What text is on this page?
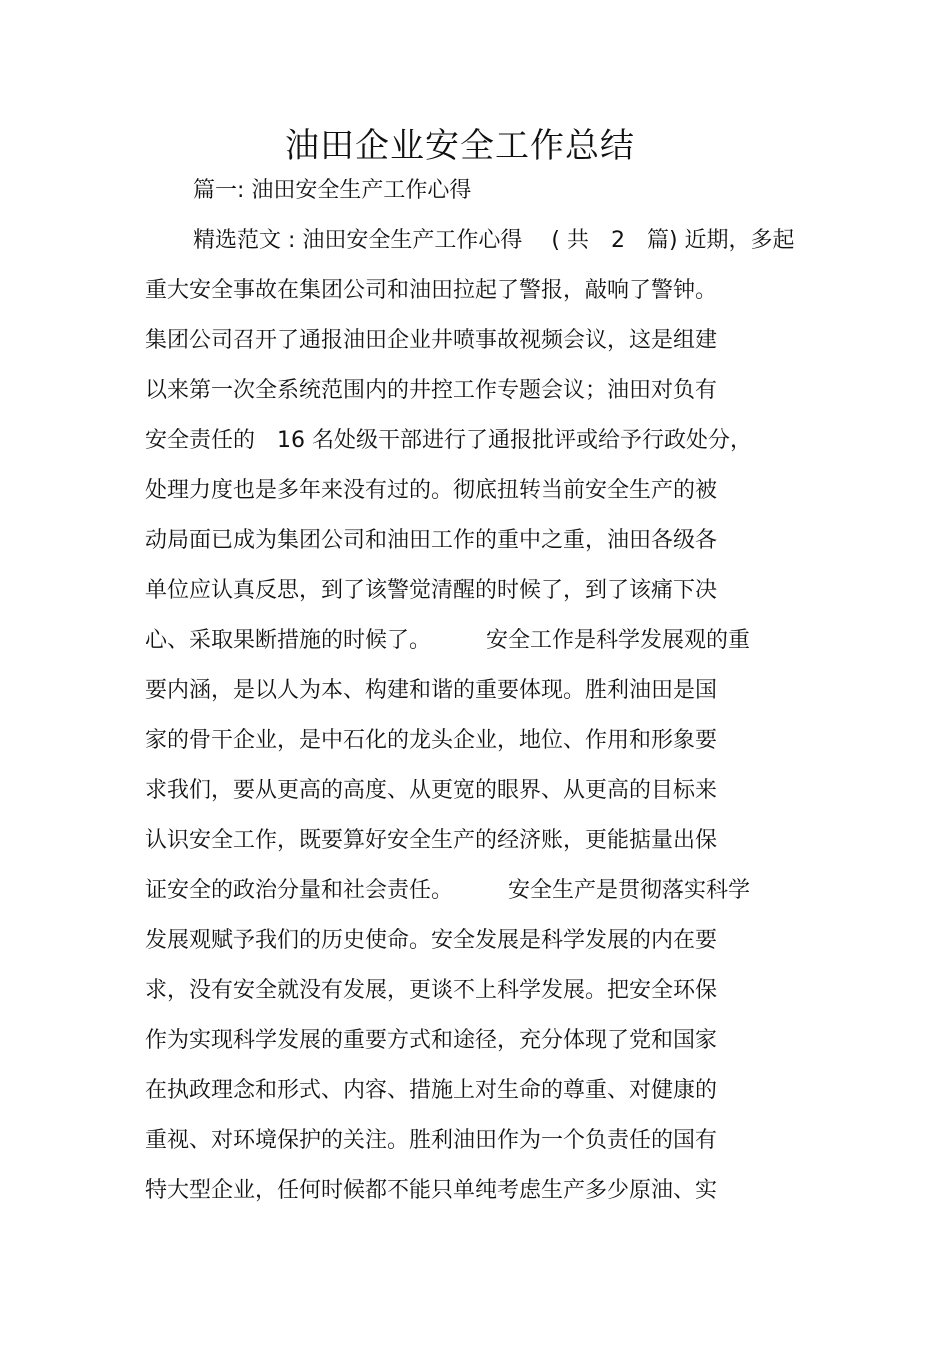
油田企业安全工作总结

篇一: 油田安全生产工作心得

精选范文 : 油田安全生产工作心得　 ( 共　2　篇) 近期，多起

重大安全事故在集团公司和油田拉起了警报，敲响了警钟。

集团公司召开了通报油田企业井喷事故视频会议，这是组建

以来第一次全系统范围内的井控工作专题会议；油田对负有

安全责任的　16 名处级干部进行了通报批评或给予行政处分，

处理力度也是多年来没有过的。彻底扭转当前安全生产的被

动局面已成为集团公司和油田工作的重中之重，油田各级各

单位应认真反思，到了该警觉清醒的时候了，到了该痛下决

心、采取果断措施的时候了。　　　安全工作是科学发展观的重

要内涵，是以人为本、构建和谐的重要体现。胜利油田是国

家的骨干企业，是中石化的龙头企业，地位、作用和形象要

求我们，要从更高的高度、从更宽的眼界、从更高的目标来

认识安全工作，既要算好安全生产的经济账，更能掂量出保

证安全的政治分量和社会责任。　　　安全生产是贯彻落实科学

发展观赋予我们的历史使命。安全发展是科学发展的内在要

求，没有安全就没有发展，更谈不上科学发展。把安全环保

作为实现科学发展的重要方式和途径，充分体现了党和国家

在执政理念和形式、内容、措施上对生命的尊重、对健康的

重视、对环境保护的关注。胜利油田作为一个负责任的国有

特大型企业，任何时候都不能只单纯考虑生产多少原油、实
